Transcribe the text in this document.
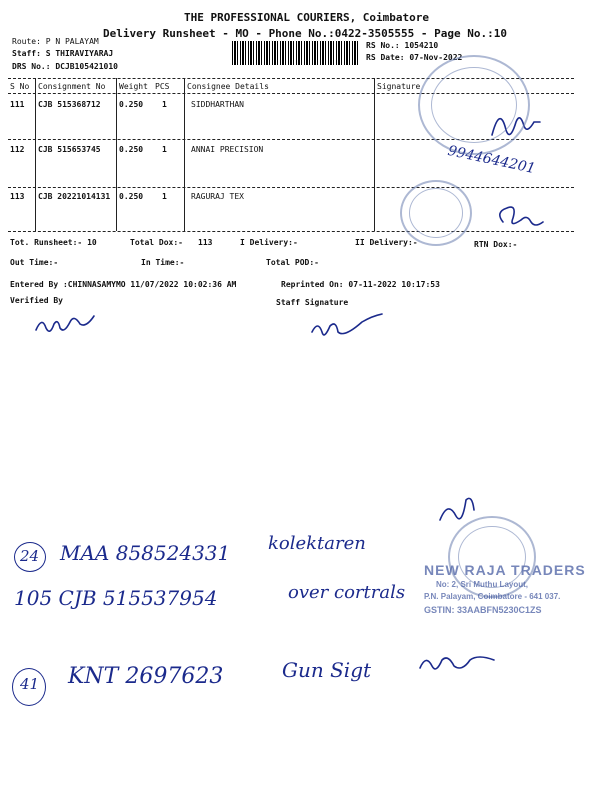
THE PROFESSIONAL COURIERS, Coimbatore
Delivery Runsheet - MO - Phone No.:0422-3505555 - Page No.:10
Route: P N PALAYAM
Staff: S THIRAVIYARAJ
DRS No.: DCJB105421010
RS No.: 1054210
RS Date: 07-Nov-2022
S No Consignment No Weight PCS Consignee Details	Signature
111 CJB 515368712 0.250 1	SIDDHARTHAN
112 CJB 515653745 0.250 1	ANNAI PRECISION
113 CJB 20221014131 0.250 1	RAGURAJ TEX
Tot. Runsheet:- 10	Total Dox:- 113	I Delivery:-	II Delivery:-	RTN Dox:-
Out Time:-	In Time:-	Total POD:-
Entered By :CHINNASAMYMO 11/07/2022 10:02:36 AM	Reprinted On: 07-11-2022 10:17:53
Verified By	Staff Signature
9944644201
24 MAA 858524331 kolektaren
105 CJB 515537954	over cortrals
41 KNT 2697623	Gun Sigt
NEW RAJA TRADERS
No: 2, Sri Muthu Layout,
P.N. Palayam, Coimbatore - 641 037.
GSTIN: 33AABFN5230C1ZS
